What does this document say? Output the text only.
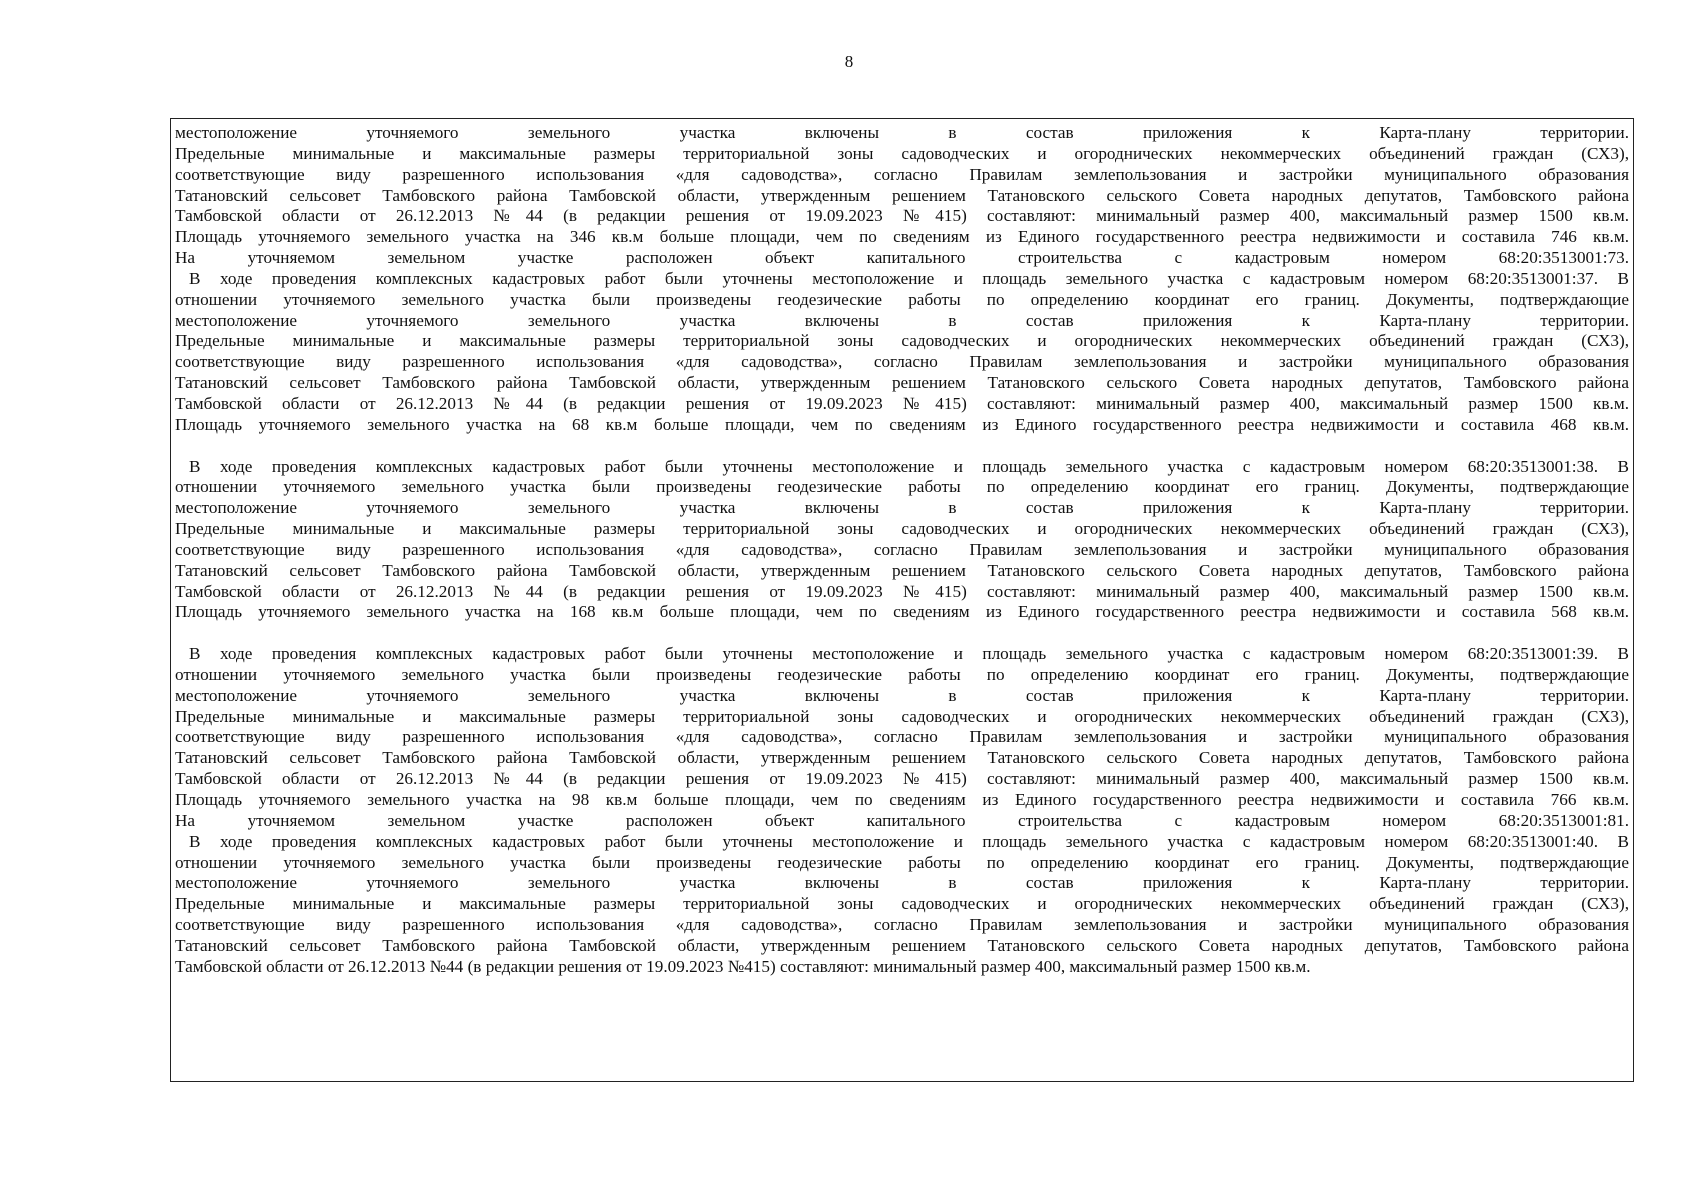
8
местоположение уточняемого земельного участка включены в состав приложения к Карта-плану территории.
Предельные минимальные и максимальные размеры территориальной зоны садоводческих и огороднических некоммерческих объединений граждан (СХ3),
соответствующие виду разрешенного использования «для садоводства», согласно Правилам землепользования и застройки муниципального образования
Татановский сельсовет Тамбовского района Тамбовской области, утвержденным решением Татановского сельского Совета народных депутатов, Тамбовского района
Тамбовской области от 26.12.2013 №44 (в редакции решения от 19.09.2023 №415) составляют: минимальный размер 400, максимальный размер 1500 кв.м.
Площадь уточняемого земельного участка на 346 кв.м больше площади, чем по сведениям из Единого государственного реестра недвижимости и составила 746 кв.м.
На уточняемом земельном участке расположен объект капитального строительства с кадастровым номером 68:20:3513001:73.
В ходе проведения комплексных кадастровых работ были уточнены местоположение и площадь земельного участка с кадастровым номером 68:20:3513001:37. В
отношении уточняемого земельного участка были произведены геодезические работы по определению координат его границ. Документы, подтверждающие
местоположение уточняемого земельного участка включены в состав приложения к Карта-плану территории.
Предельные минимальные и максимальные размеры территориальной зоны садоводческих и огороднических некоммерческих объединений граждан (СХ3),
соответствующие виду разрешенного использования «для садоводства», согласно Правилам землепользования и застройки муниципального образования
Татановский сельсовет Тамбовского района Тамбовской области, утвержденным решением Татановского сельского Совета народных депутатов, Тамбовского района
Тамбовской области от 26.12.2013 №44 (в редакции решения от 19.09.2023 №415) составляют: минимальный размер 400, максимальный размер 1500 кв.м.
Площадь уточняемого земельного участка на 68 кв.м больше площади, чем по сведениям из Единого государственного реестра недвижимости и составила 468 кв.м.
В ходе проведения комплексных кадастровых работ были уточнены местоположение и площадь земельного участка с кадастровым номером 68:20:3513001:38. В
отношении уточняемого земельного участка были произведены геодезические работы по определению координат его границ. Документы, подтверждающие
местоположение уточняемого земельного участка включены в состав приложения к Карта-плану территории.
Предельные минимальные и максимальные размеры территориальной зоны садоводческих и огороднических некоммерческих объединений граждан (СХ3),
соответствующие виду разрешенного использования «для садоводства», согласно Правилам землепользования и застройки муниципального образования
Татановский сельсовет Тамбовского района Тамбовской области, утвержденным решением Татановского сельского Совета народных депутатов, Тамбовского района
Тамбовской области от 26.12.2013 №44 (в редакции решения от 19.09.2023 №415) составляют: минимальный размер 400, максимальный размер 1500 кв.м.
Площадь уточняемого земельного участка на 168 кв.м больше площади, чем по сведениям из Единого государственного реестра недвижимости и составила 568 кв.м.
В ходе проведения комплексных кадастровых работ были уточнены местоположение и площадь земельного участка с кадастровым номером 68:20:3513001:39. В
отношении уточняемого земельного участка были произведены геодезические работы по определению координат его границ. Документы, подтверждающие
местоположение уточняемого земельного участка включены в состав приложения к Карта-плану территории.
Предельные минимальные и максимальные размеры территориальной зоны садоводческих и огороднических некоммерческих объединений граждан (СХ3),
соответствующие виду разрешенного использования «для садоводства», согласно Правилам землепользования и застройки муниципального образования
Татановский сельсовет Тамбовского района Тамбовской области, утвержденным решением Татановского сельского Совета народных депутатов, Тамбовского района
Тамбовской области от 26.12.2013 №44 (в редакции решения от 19.09.2023 №415) составляют: минимальный размер 400, максимальный размер 1500 кв.м.
Площадь уточняемого земельного участка на 98 кв.м больше площади, чем по сведениям из Единого государственного реестра недвижимости и составила 766 кв.м.
На уточняемом земельном участке расположен объект капитального строительства с кадастровым номером 68:20:3513001:81.
В ходе проведения комплексных кадастровых работ были уточнены местоположение и площадь земельного участка с кадастровым номером 68:20:3513001:40. В
отношении уточняемого земельного участка были произведены геодезические работы по определению координат его границ. Документы, подтверждающие
местоположение уточняемого земельного участка включены в состав приложения к Карта-плану территории.
Предельные минимальные и максимальные размеры территориальной зоны садоводческих и огороднических некоммерческих объединений граждан (СХ3),
соответствующие виду разрешенного использования «для садоводства», согласно Правилам землепользования и застройки муниципального образования
Татановский сельсовет Тамбовского района Тамбовской области, утвержденным решением Татановского сельского Совета народных депутатов, Тамбовского района
Тамбовской области от 26.12.2013 №44 (в редакции решения от 19.09.2023 №415) составляют: минимальный размер 400, максимальный размер 1500 кв.м.
